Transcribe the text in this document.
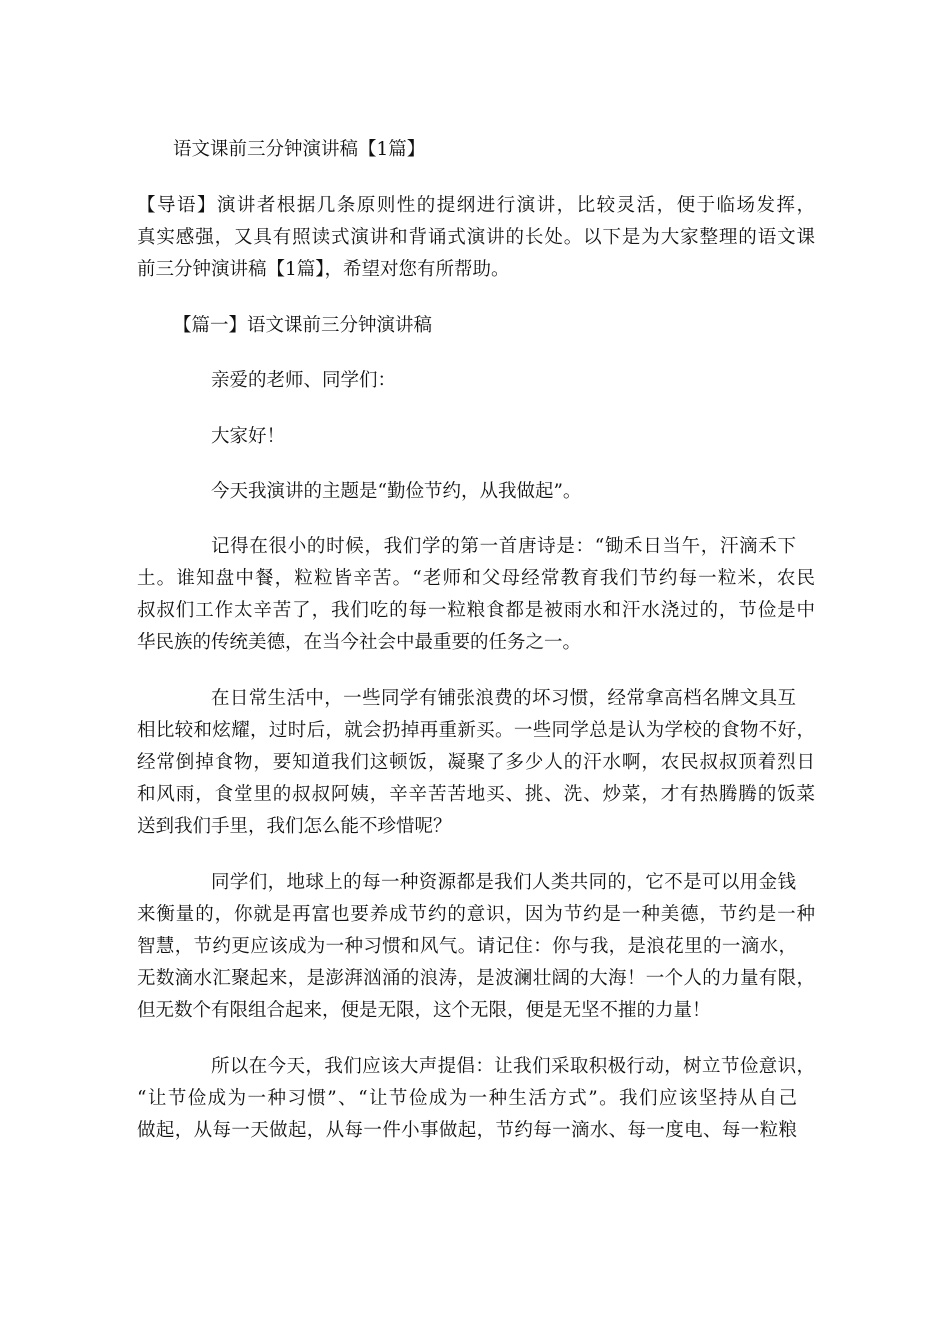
语文课前三分钟演讲稿【1篇】
【导语】演讲者根据几条原则性的提纲进行演讲，比较灵活，便于临场发挥，
真实感强，又具有照读式演讲和背诵式演讲的长处。以下是为大家整理的语文课
前三分钟演讲稿【1篇】，希望对您有所帮助。
【篇一】语文课前三分钟演讲稿
亲爱的老师、同学们：
大家好！
今天我演讲的主题是“勤俭节约，从我做起”。
记得在很小的时候，我们学的第一首唐诗是：“锄禾日当午，汗滴禾下
土。谁知盘中餐，粒粒皆辛苦。“老师和父母经常教育我们节约每一粒米，农民
叔叔们工作太辛苦了，我们吃的每一粒粮食都是被雨水和汗水浇过的，节俭是中
华民族的传统美德，在当今社会中最重要的任务之一。
在日常生活中，一些同学有铺张浪费的坏习惯，经常拿高档名牌文具互
相比较和炫耀，过时后，就会扔掉再重新买。一些同学总是认为学校的食物不好，
经常倒掉食物，要知道我们这顿饭，凝聚了多少人的汗水啊，农民叔叔顶着烈日
和风雨，食堂里的叔叔阿姨，辛辛苦苦地买、挑、洗、炒菜，才有热腾腾的饭菜
送到我们手里，我们怎么能不珍惜呢？
同学们，地球上的每一种资源都是我们人类共同的，它不是可以用金钱
来衡量的，你就是再富也要养成节约的意识，因为节约是一种美德，节约是一种
智慧，节约更应该成为一种习惯和风气。请记住：你与我，是浪花里的一滴水，
无数滴水汇聚起来，是澎湃汹涌的浪涛，是波澜壮阔的大海！一个人的力量有限，
但无数个有限组合起来，便是无限，这个无限，便是无坚不摧的力量！
所以在今天，我们应该大声提倡：让我们采取积极行动，树立节俭意识，
“让节俭成为一种习惯”、“让节俭成为一种生活方式”。我们应该坚持从自己
做起，从每一天做起，从每一件小事做起，节约每一滴水、每一度电、每一粒粮
